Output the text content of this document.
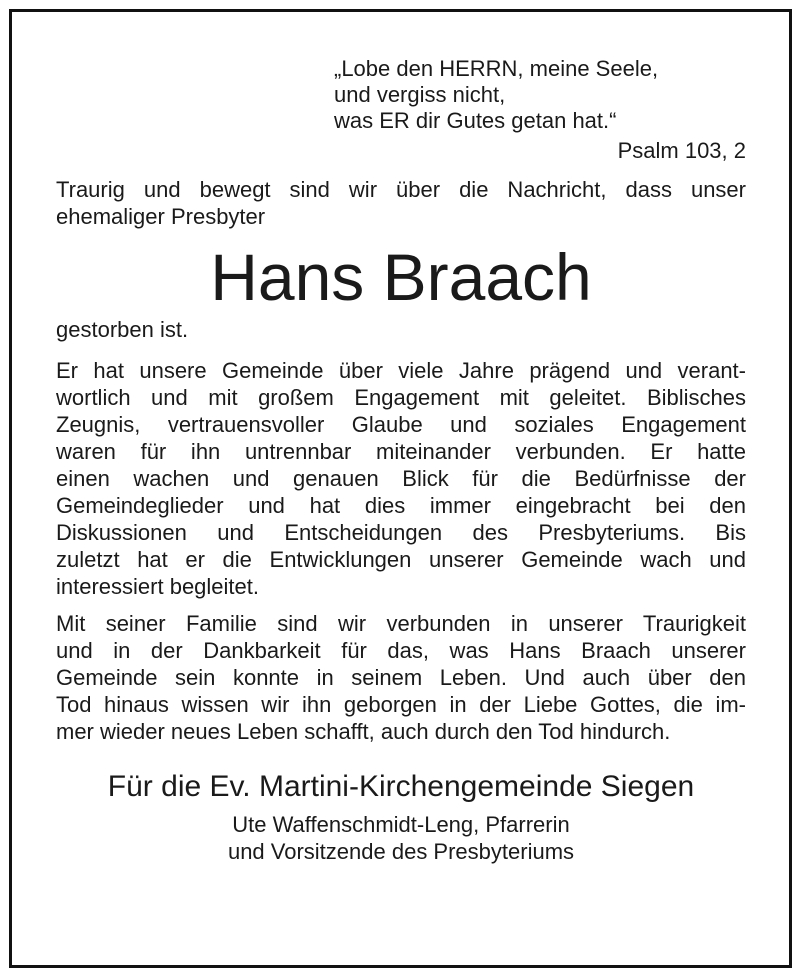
„Lobe den HERRN, meine Seele,
und vergiss nicht,
was ER dir Gutes getan hat.“
Psalm 103, 2
Traurig und bewegt sind wir über die Nachricht, dass unser
ehemaliger Presbyter
Hans Braach
gestorben ist.
Er hat unsere Gemeinde über viele Jahre prägend und verant-
wortlich und mit großem Engagement mit geleitet. Biblisches
Zeugnis, vertrauensvoller Glaube und soziales Engagement
waren für ihn untrennbar miteinander verbunden. Er hatte
einen wachen und genauen Blick für die Bedürfnisse der
Gemeindeglieder und hat dies immer eingebracht bei den
Diskussionen und Entscheidungen des Presbyteriums. Bis
zuletzt hat er die Entwicklungen unserer Gemeinde wach und
interessiert begleitet.
Mit seiner Familie sind wir verbunden in unserer Traurigkeit
und in der Dankbarkeit für das, was Hans Braach unserer
Gemeinde sein konnte in seinem Leben. Und auch über den
Tod hinaus wissen wir ihn geborgen in der Liebe Gottes, die im-
mer wieder neues Leben schafft, auch durch den Tod hindurch.
Für die Ev. Martini-Kirchengemeinde Siegen
Ute Waffenschmidt-Leng, Pfarrerin
und Vorsitzende des Presbyteriums
